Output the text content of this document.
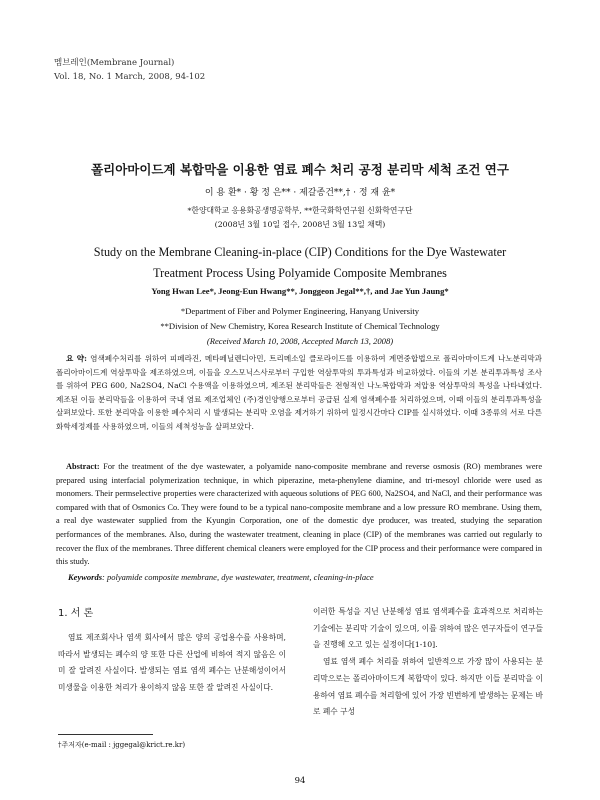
멤브레인(Membrane Journal)
Vol. 18, No. 1 March, 2008, 94-102
폴리아마이드계 복합막을 이용한 염료 폐수 처리 공정 분리막 세척 조건 연구
이 용 환* · 황 정 은** · 제갈종건**,† · 정 재 윤*
*한양대학교 응용화공생명공학부, **한국화학연구원 신화학연구단
(2008년 3월 10일 접수, 2008년 3월 13일 채택)
Study on the Membrane Cleaning-in-place (CIP) Conditions for the Dye Wastewater
Treatment Process Using Polyamide Composite Membranes
Yong Hwan Lee*, Jeong-Eun Hwang**, Jonggeon Jegal**,†, and Jae Yun Jaung*
*Department of Fiber and Polymer Engineering, Hanyang University
**Division of New Chemistry, Korea Research Institute of Chemical Technology
(Received March 10, 2008, Accepted March 13, 2008)
요 약: 염색폐수처리를 위하여 피페라진, 메타페닐렌디아민, 트리메소일 클로라이드를 이용하여 계면중합법으로 폴리아마이드계 나노분리막과 폴리아마이드계 역삼투막을 제조하였으며, 이들을 오스모닉스사로부터 구입한 역삼투막의 투과특성과 비교하였다. 이들의 기본 분리투과특성 조사를 위하여 PEG 600, Na2SO4, NaCl 수용액을 이용하였으며, 제조된 분리막들은 전형적인 나노복합막과 저압용 역삼투막의 특성을 나타내었다. 제조된 이들 분리막들을 이용하여 국내 염료 제조업체인 (주)경인양행으로부터 공급된 실제 염색폐수를 처리하였으며, 이때 이들의 분리투과특성을 살펴보았다. 또한 분리막을 이용한 폐수처리 시 발생되는 분리막 오염을 제거하기 위하여 일정시간마다 CIP를 실시하였다. 이때 3종류의 서로 다른 화학세정제를 사용하였으며, 이들의 세척성능을 살펴보았다.
Abstract: For the treatment of the dye wastewater, a polyamide nano-composite membrane and reverse osmosis (RO) membranes were prepared using interfacial polymerization technique, in which piperazine, meta-phenylene diamine, and tri-mesoyl chloride were used as monomers. Their permselective properties were characterized with aqueous solutions of PEG 600, Na2SO4, and NaCl, and their performance was compared with that of Osmonics Co. They were found to be a typical nano-composite membrane and a low pressure RO membrane. Using them, a real dye wastewater supplied from the Kyungin Corporation, one of the domestic dye producer, was treated, studying the separation performances of the membranes. Also, during the wastewater treatment, cleaning in place (CIP) of the membranes was carried out regularly to recover the flux of the membranes. Three different chemical cleaners were employed for the CIP process and their performance were compared in this study.
Keywords: polyamide composite membrane, dye wastewater, treatment, cleaning-in-place
1. 서 론
염료 제조회사나 염색 회사에서 많은 양의 공업용수를 사용하며, 따라서 발생되는 폐수의 양 또한 다른 산업에 비하여 적지 않음은 이미 잘 알려진 사실이다. 발생되는 염료 염색 폐수는 난분해성이어서 미생물을 이용한 처리가 용이하지 않음 또한 잘 알려진 사실이다.

이러한 특성을 지닌 난분해성 염료 염색폐수를 효과적으로 처리하는 기술에는 분리막 기술이 있으며, 이를 위하여 많은 연구자들이 연구들을 진행해 오고 있는 실정이다[1-10].

염료 염색 폐수 처리를 위하여 일반적으로 가장 많이 사용되는 분리막으로는 폴리아마이드계 복합막이 있다. 하지만 이들 분리막을 이용하여 염료 폐수를 처리함에 있어 가장 빈번하게 발생하는 문제는 바로 폐수 구성

†주저자(e-mail : jggegal@krict.re.kr)
94
